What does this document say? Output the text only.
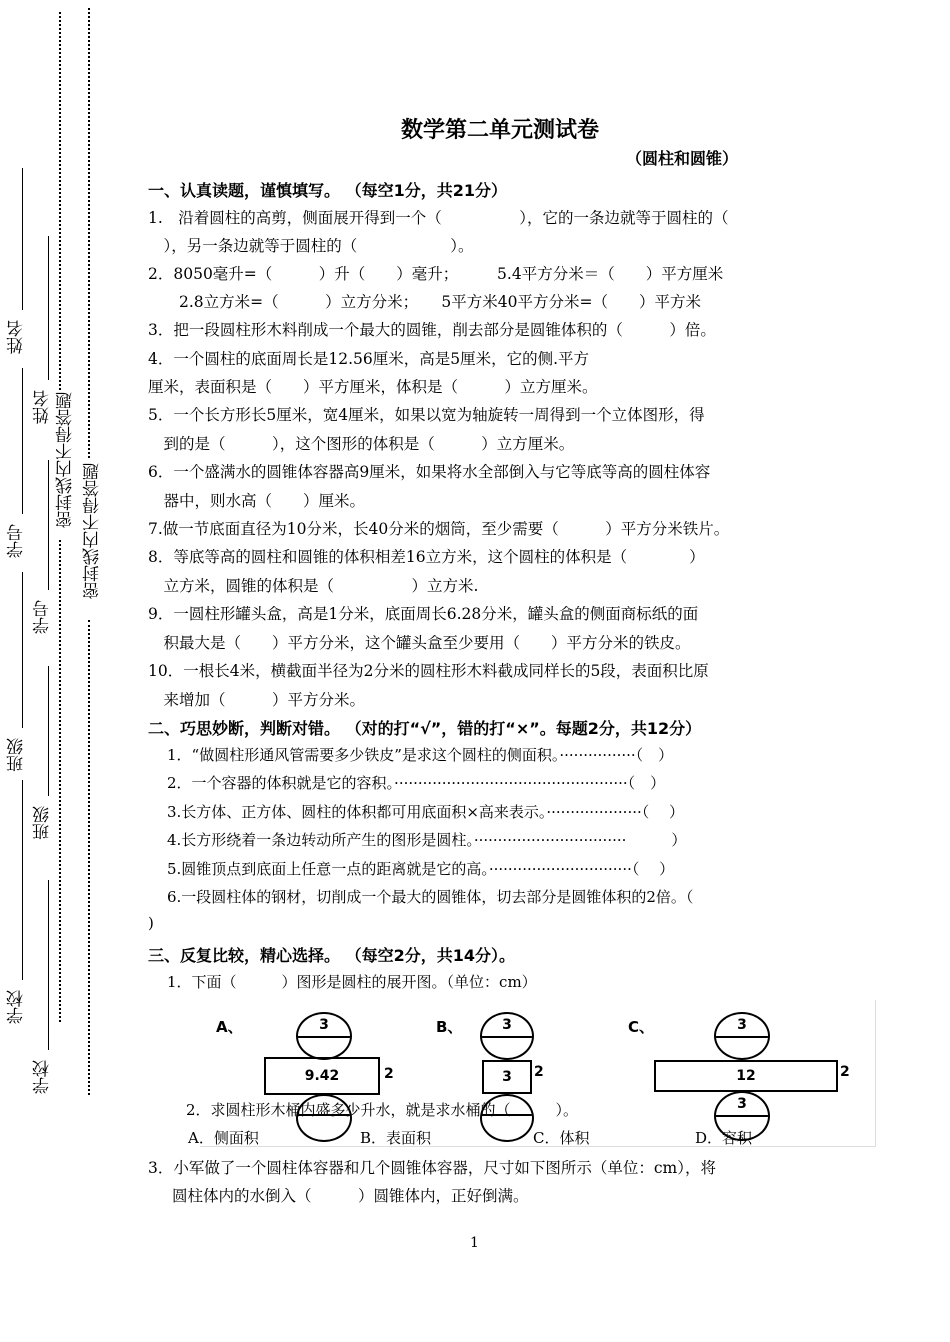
姓名
学号
班级
学校
姓名
学号
班级
学校
密封线内不得答题
密封线内不得答题
数学第二单元测试卷
（圆柱和圆锥）
一、认真读题，谨慎填写。 （每空1分，共21分）
1.　沿着圆柱的高剪，侧面展开得到一个（　　　　　），它的一条边就等于圆柱的（
　），另一条边就等于圆柱的（　　　　　　）。
2．8050毫升=（　　　）升（　　）毫升；　　　5.4平方分米＝（　　）平方厘米
　　2.8立方米=（　　　）立方分米；　　5平方米40平方分米=（　　）平方米
3．把一段圆柱形木料削成一个最大的圆锥，削去部分是圆锥体积的（　　　）倍。
4．一个圆柱的底面周长是12.56厘米，高是5厘米，它的侧.平方
厘米，表面积是（　　）平方厘米，体积是（　　　）立方厘米。
5．一个长方形长5厘米，宽4厘米，如果以宽为轴旋转一周得到一个立体图形，得
　到的是（　　　），这个图形的体积是（　　　）立方厘米。
6．一个盛满水的圆锥体容器高9厘米，如果将水全部倒入与它等底等高的圆柱体容
　器中，则水高（　　）厘米。
7.做一节底面直径为10分米，长40分米的烟筒，至少需要（　　　）平方分米铁片。
8．等底等高的圆柱和圆锥的体积相差16立方米，这个圆柱的体积是（　　　　）
　立方米，圆锥的体积是（　　　　　）立方米.
9．一圆柱形罐头盒，高是1分米，底面周长6.28分米，罐头盒的侧面商标纸的面
　积最大是（　　）平方分米，这个罐头盒至少要用（　　）平方分米的铁皮。
10．一根长4米，横截面半径为2分米的圆柱形木料截成同样长的5段，表面积比原
　来增加（　　　）平方分米。
二、巧思妙断，判断对错。 （对的打“√”，错的打“×”。每题2分，共12分）
1．“做圆柱形通风管需要多少铁皮”是求这个圆柱的侧面积。················（　）
2．一个容器的体积就是它的容积。·················································（　）
3.长方体、正方体、圆柱的体积都可用底面积×高来表示。····················（　 ）
4.长方形绕着一条边转动所产生的图形是圆柱。································　　　）
5.圆锥顶点到底面上任意一点的距离就是它的高。······························（　 ）
6.一段圆柱体的钢材，切削成一个最大的圆锥体，切去部分是圆锥体积的2倍。（
)
三、反复比较，精心选择。 （每空2分，共14分）。
1．下面（　　　）图形是圆柱的展开图。（单位：cm）
A、	B、	C、
3
9.42	2
3
3	2
3
12	2
3
2．求圆柱形木桶内盛多少升水，就是求水桶的（　　　）。
A．侧面积	B．表面积	C．体积	D．容积
3．小军做了一个圆柱体容器和几个圆锥体容器，尺寸如下图所示（单位：cm），将
圆柱体内的水倒入（　　　）圆锥体内，正好倒满。
1
